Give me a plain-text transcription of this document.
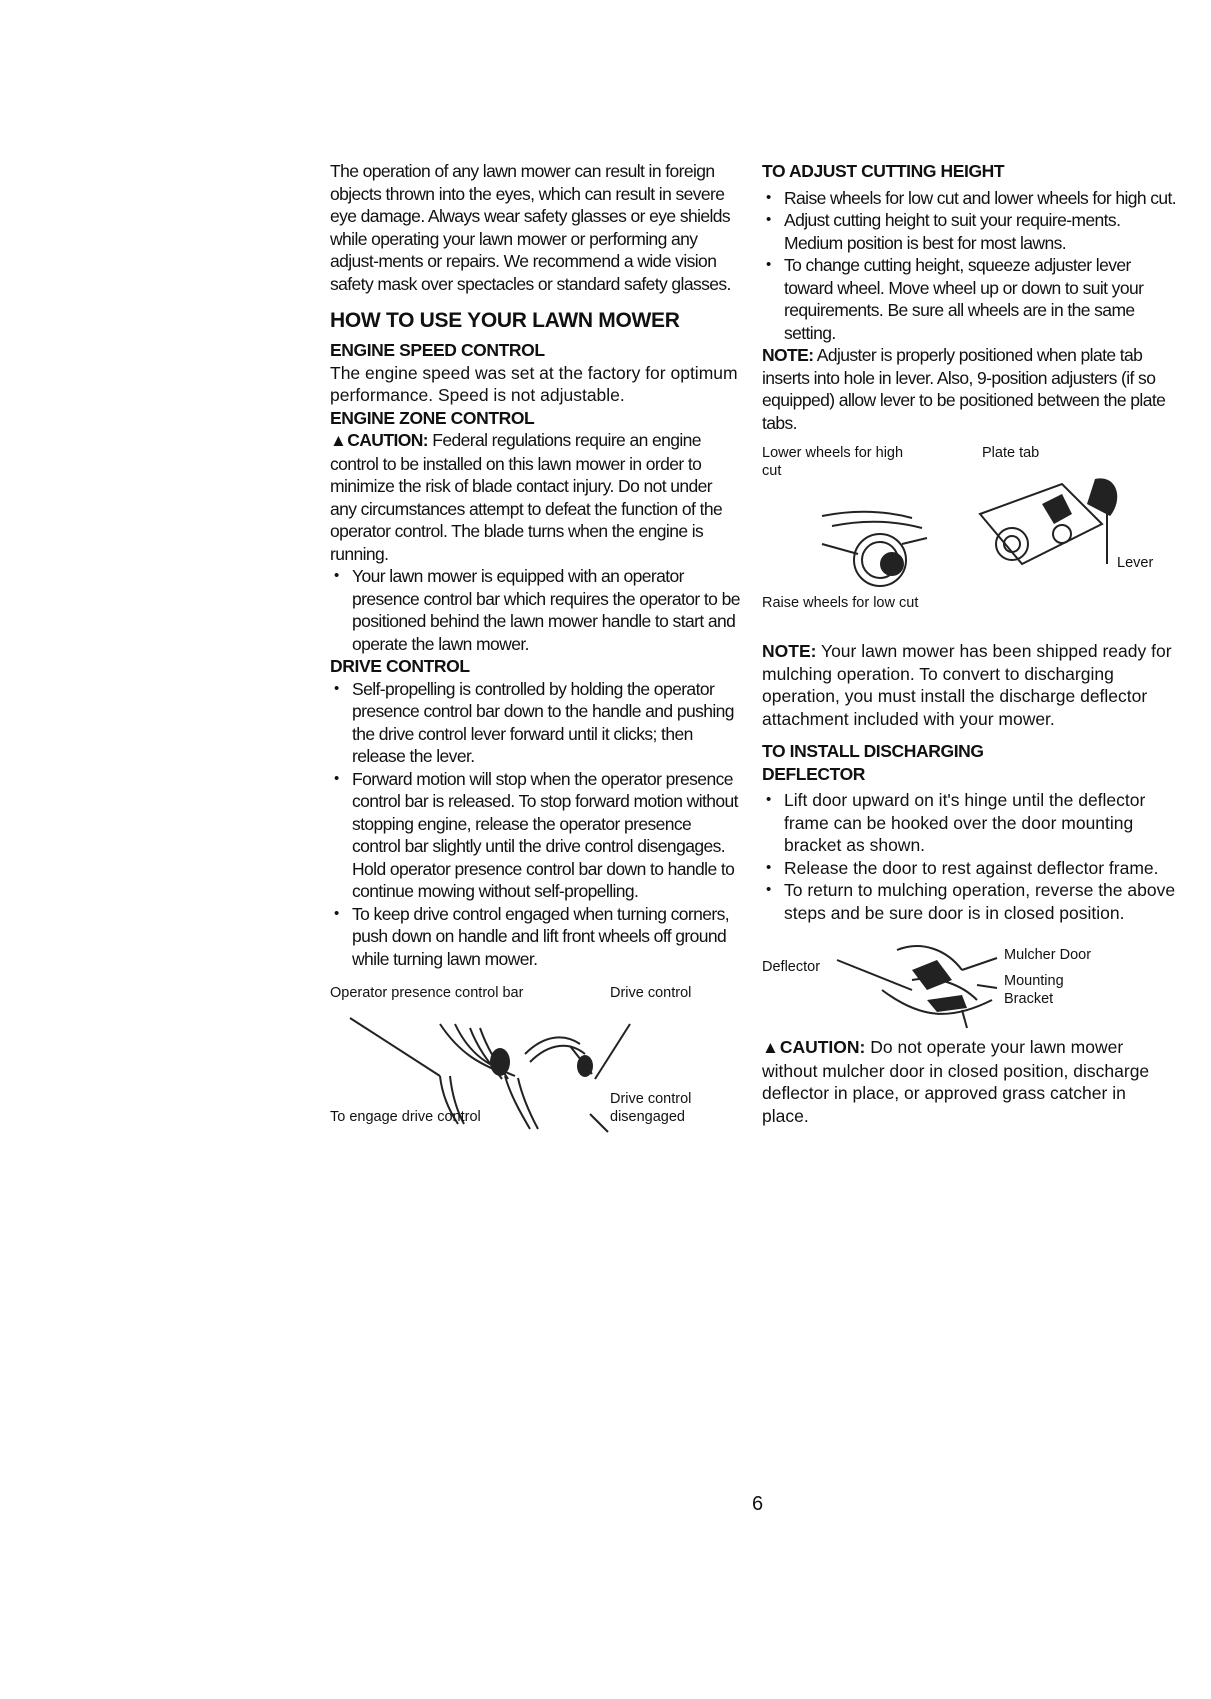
The operation of any lawn mower can result in foreign objects thrown into the eyes, which can result in severe eye damage. Always wear safety glasses or eye shields while operating your lawn mower or performing any adjust-ments or repairs. We recommend a wide vision safety mask over spectacles or standard safety glasses.

HOW TO USE YOUR LAWN MOWER
ENGINE SPEED CONTROL

The engine speed was set at the factory for optimum performance. Speed is not adjustable.

ENGINE ZONE CONTROL

▲CAUTION: Federal regulations require an engine control to be installed on this lawn mower in order to minimize the risk of blade contact injury. Do not under any circumstances attempt to defeat the function of the operator control. The blade turns when the engine is running.

• Your lawn mower is equipped with an operator presence control bar which requires the operator to be positioned behind the lawn mower handle to start and operate the lawn mower.
DRIVE CONTROL
• Self-propelling is controlled by holding the operator presence control bar down to the handle and pushing the drive control lever forward until it clicks; then release the lever.
• Forward motion will stop when the operator presence control bar is released. To stop forward motion without stopping engine, release the operator presence control bar slightly until the drive control disengages. Hold operator presence control bar down to handle to continue mowing without self-propelling.
• To keep drive control engaged when turning corners, push down on handle and lift front wheels off ground while turning lawn mower.
Operator presence control bar	Drive control
Drive control disengaged
To engage drive control
TO ADJUST CUTTING HEIGHT
• Raise wheels for low cut and lower wheels for high cut.
• Adjust cutting height to suit your require-ments. Medium position is best for most lawns.
• To change cutting height, squeeze adjuster lever toward wheel. Move wheel up or down to suit your requirements. Be sure all wheels are in the same setting.

NOTE: Adjuster is properly positioned when plate tab inserts into hole in lever. Also, 9-position adjusters (if so equipped) allow lever to be positioned between the plate tabs.

Lower wheels for high cut
Plate tab
Lever
Raise wheels for low cut

NOTE: Your lawn mower has been shipped ready for mulching operation. To convert to discharging operation, you must install the discharge deflector attachment included with your mower.

TO INSTALL DISCHARGING DEFLECTOR
• Lift door upward on it's hinge until the deflector frame can be hooked over the door mounting bracket as shown.
• Release the door to rest against deflector frame.
• To return to mulching operation, reverse the above steps and be sure door is in closed position.
Deflector
Mulcher Door
Mounting Bracket

▲CAUTION: Do not operate your lawn mower without mulcher door in closed position, discharge deflector in place, or approved grass catcher in place.

6
